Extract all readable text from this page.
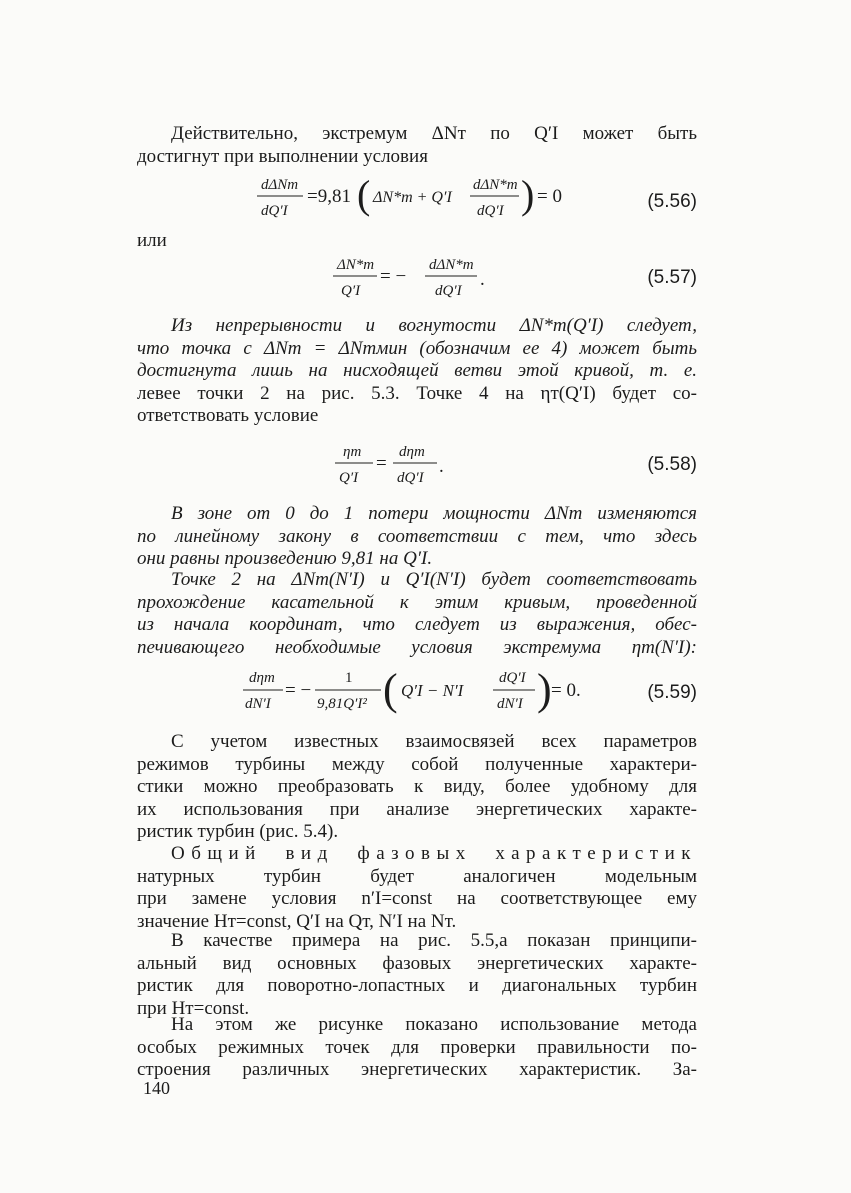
Действительно, экстремум ΔNт по Q′I может быть
достигнут при выполнении условия
dΔNт
dQ′I
=9,81 ( ΔN*т + Q′I
dΔN*т
dQ′I ) = 0	(5.56)
или
ΔN*т
Q′I
= −
dΔN*т
dQ′I
.	(5.57)
Из непрерывности и вогнутости ΔN*т(Q′I) следует,
что точка с ΔNт = ΔNтмин (обозначим ее 4) может быть
достигнута лишь на нисходящей ветви этой кривой, т. е.
левее точки 2 на рис. 5.3. Точке 4 на ηт(Q′I) будет со-
ответствовать условие
ηт
Q′I
=
dηт
dQ′I
.	(5.58)
В зоне от 0 до 1 потери мощности ΔNт изменяются
по линейному закону в соответствии с тем, что здесь
они равны произведению 9,81 на Q′I.
Точке 2 на ΔNт(N′I) и Q′I(N′I) будет соответствовать
прохождение касательной к этим кривым, проведенной
из начала координат, что следует из выражения, обес-
печивающего необходимые условия экстремума ηт(N′I):
dηт
dN′I
= −
1
9,81Q′I² ( Q′I − N′I
dQ′I
dN′I ) = 0.	(5.59)
С учетом известных взаимосвязей всех параметров
режимов турбины между собой полученные характери-
стики можно преобразовать к виду, более удобному для
их использования при анализе энергетических характе-
ристик турбин (рис. 5.4).
Общий вид фазовых характеристик
натурных турбин будет аналогичен модельным
при замене условия n′I=const на соответствующее ему
значение Hт=const, Q′I на Qт, N′I на Nт.
В качестве примера на рис. 5.5,а показан принципи-
альный вид основных фазовых энергетических характе-
ристик для поворотно-лопастных и диагональных турбин
при Hт=const.
На этом же рисунке показано использование метода
особых режимных точек для проверки правильности по-
строения различных энергетических характеристик. За-
140
